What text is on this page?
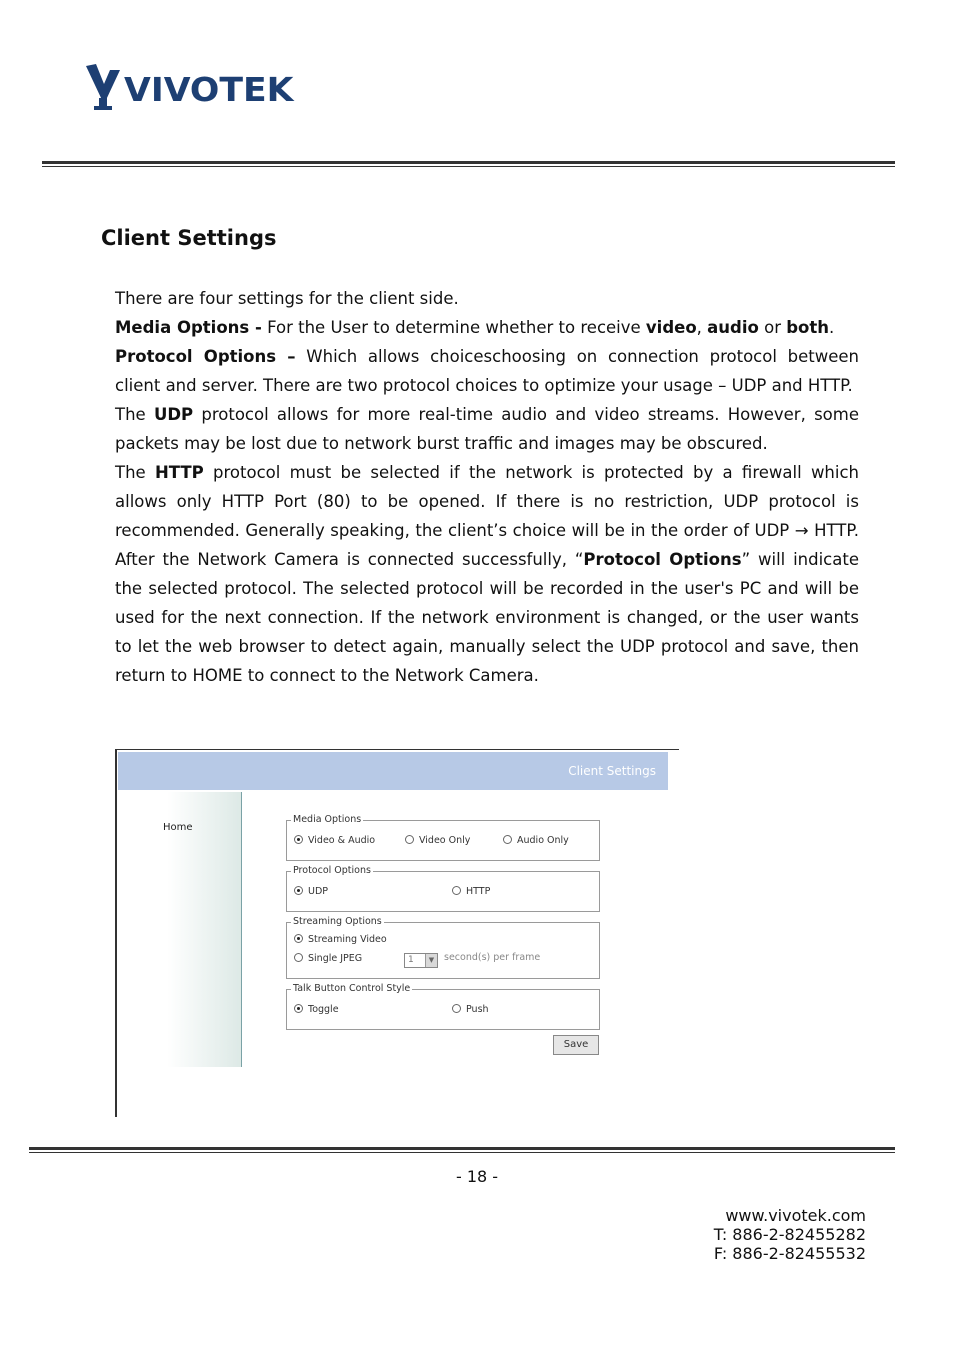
VIVOTEK
Client Settings

There are four settings for the client side.

Media Options - For the User to determine whether to receive video, audio or both.

Protocol Options – Which allows choiceschoosing on connection protocol between client and server. There are two protocol choices to optimize your usage – UDP and HTTP.

The UDP protocol allows for more real-time audio and video streams. However, some packets may be lost due to network burst traffic and images may be obscured.

The HTTP protocol must be selected if the network is protected by a firewall which allows only HTTP Port (80) to be opened. If there is no restriction, UDP protocol is recommended. Generally speaking, the client’s choice will be in the order of UDP → HTTP. After the Network Camera is connected successfully, “Protocol Options” will indicate the selected protocol. The selected protocol will be recorded in the user's PC and will be used for the next connection. If the network environment is changed, or the user wants to let the web browser to detect again, manually select the UDP protocol and save, then return to HOME to connect to the Network Camera.

Client Settings
Home
Media Options
Video & Audio	Video Only	Audio Only
Protocol Options
UDP	HTTP
Streaming Options
Streaming Video
Single JPEG	1	▼ second(s) per frame
Talk Button Control Style
Toggle	Push
Save
- 18 -
www.vivotek.com
T: 886-2-82455282
F: 886-2-82455532
